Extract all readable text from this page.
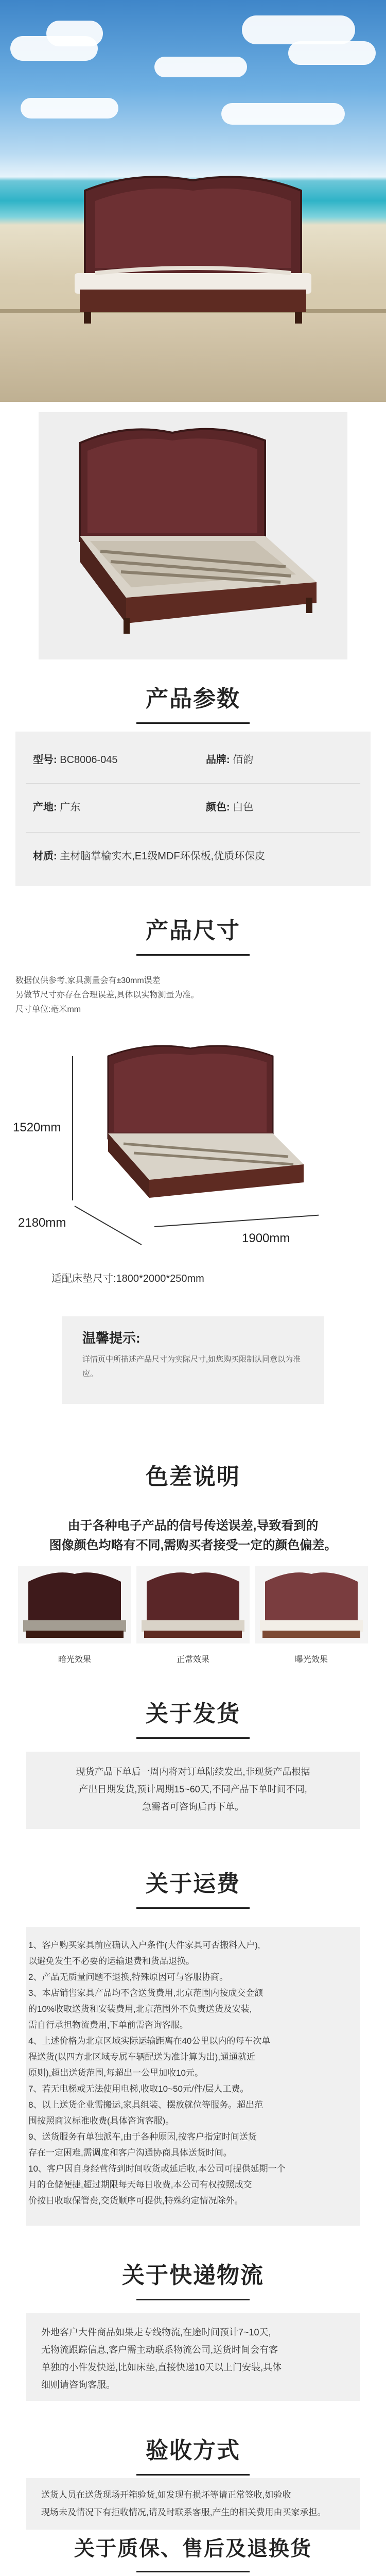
产品参数
型号: BC8006-045	品牌: 佰韵
产地: 广东	颜色: 白色
材质: 主材脑掌榆实木,E1级MDF环保板,优质环保皮
产品尺寸
数据仅供参考,家具测量会有±30mm误差
另做节尺寸亦存在合理误差,具体以实物测量为准。
尺寸单位:毫米mm
1520mm
2180mm
1900mm
适配床垫尺寸:1800*2000*250mm
温馨提示:
详情页中所描述产品尺寸为实际尺寸,如您购买限制认同意以为准应。
色差说明
由于各种电子产品的信号传送误差,导致看到的
图像颜色均略有不同,需购买者接受一定的颜色偏差。
暗光效果	正常效果	曝光效果
关于发货

现货产品下单后一周内将对订单陆续发出,非现货产品根据

产出日期发货,预计周期15~60天,不同产品下单时间不同,

急需者可咨询后再下单。

关于运费
1、客户购买家具前应确认入户条件(大件家具可否搬料入户),
以避免发生不必要的运输退费和货品退换。
2、产品无质量问题不退换,特殊原因可与客服协商。
3、本店销售家具产品均不含送货费用,北京范围内按成交金额
的10%收取送货和安装费用,北京范围外不负责送货及安装,
需自行承担物流费用,下单前需咨询客服。
4、上述价格为北京区域实际运输距离在40公里以内的每车次单
程送货(以四方北区域专属车辆配送为准计算为出),通通就近
原则),超出送货范围,每超出一公里加收10元。
7、若无电梯或无法使用电梯,收取10~50元/件/层人工费。
8、以上送货企业需搬运,家具组装、摆放就位等服务。超出范
围按照商议标准收费(具体咨询客服)。
9、送货服务有单独派车,由于各种原因,按客户指定时间送货
存在一定困难,需调度和客户沟通协商具体送货时间。
10、客户因自身经营待到时间收货或延后收,本公司可提供延期一个
月的仓储便捷,超过期限每天每日收费,本公司有权按照成交
价按日收取保管费,交货顺序可提供,特殊约定情况除外。
关于快递物流
外地客户大件商品如果走专线物流,在途时间预计7~10天,
无物流跟踪信息,客户需主动联系物流公司,送货时间会有客
单独的小件发快递,比如床垫,直接快递10天以上门安装,具体
细则请咨询客服。
验收方式
送货人员在送货现场开箱验货,如发现有损坏等请正常签收,如验收
现场未及情况下有拒收情况,请及时联系客服,产生的相关费用由买家承担。
关于质保、售后及退换货
